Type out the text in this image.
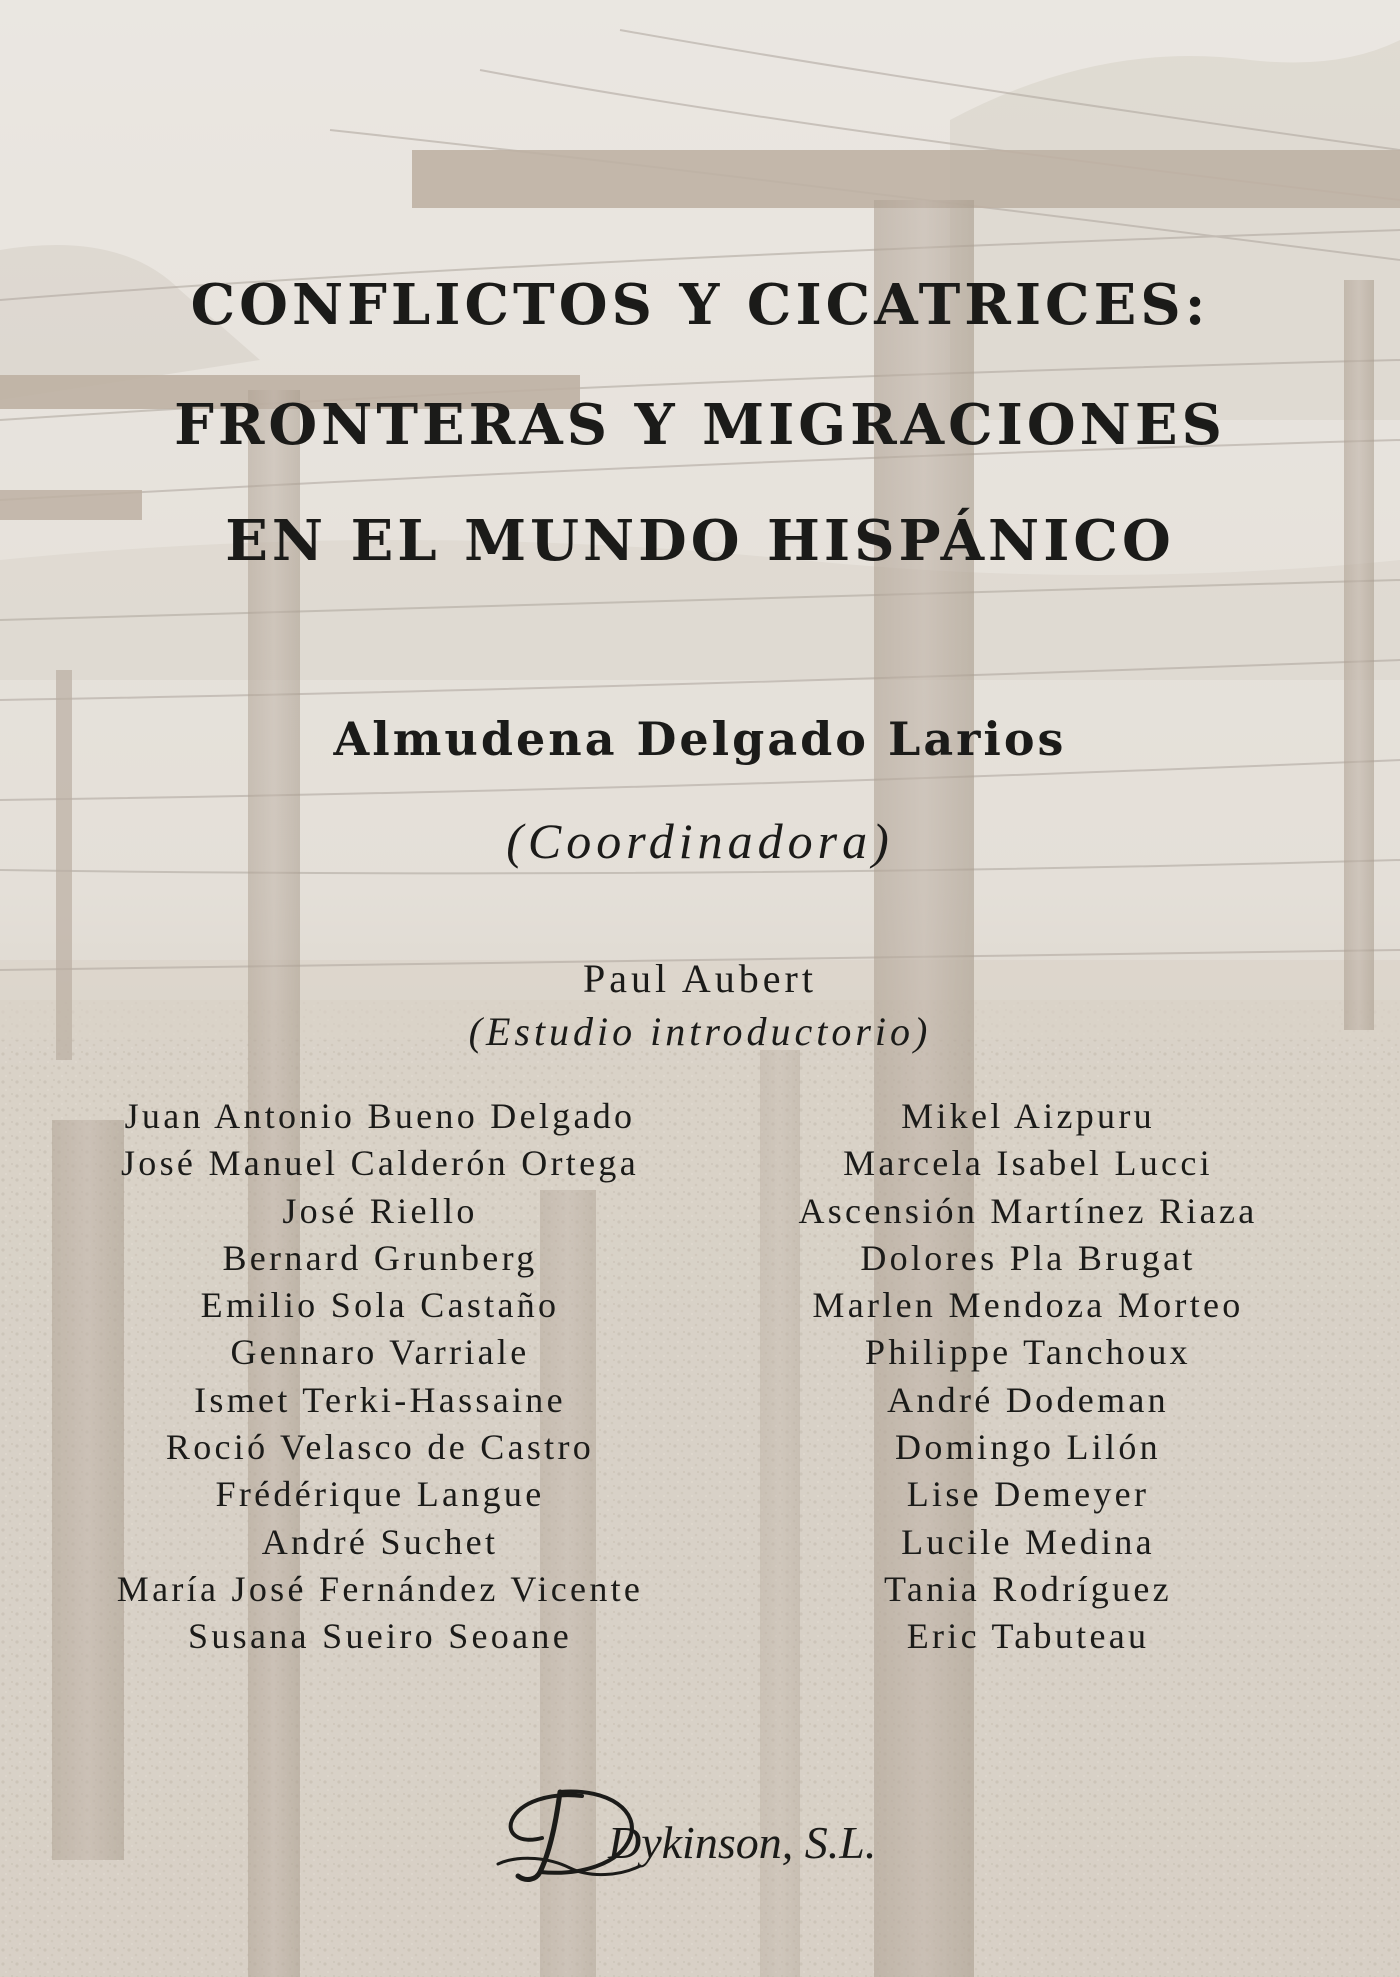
CONFLICTOS Y CICATRICES:
FRONTERAS Y MIGRACIONES
EN EL MUNDO HISPÁNICO
Almudena Delgado Larios
(Coordinadora)
Paul Aubert
(Estudio introductorio)
Juan Antonio Bueno Delgado
José Manuel Calderón Ortega
José Riello
Bernard Grunberg
Emilio Sola Castaño
Gennaro Varriale
Ismet Terki-Hassaine
Roció Velasco de Castro
Frédérique Langue
André Suchet
María José Fernández Vicente
Susana Sueiro Seoane
Mikel Aizpuru
Marcela Isabel Lucci
Ascensión Martínez Riaza
Dolores Pla Brugat
Marlen Mendoza Morteo
Philippe Tanchoux
André Dodeman
Domingo Lilón
Lise Demeyer
Lucile Medina
Tania Rodríguez
Eric Tabuteau
Dykinson, S.L.
